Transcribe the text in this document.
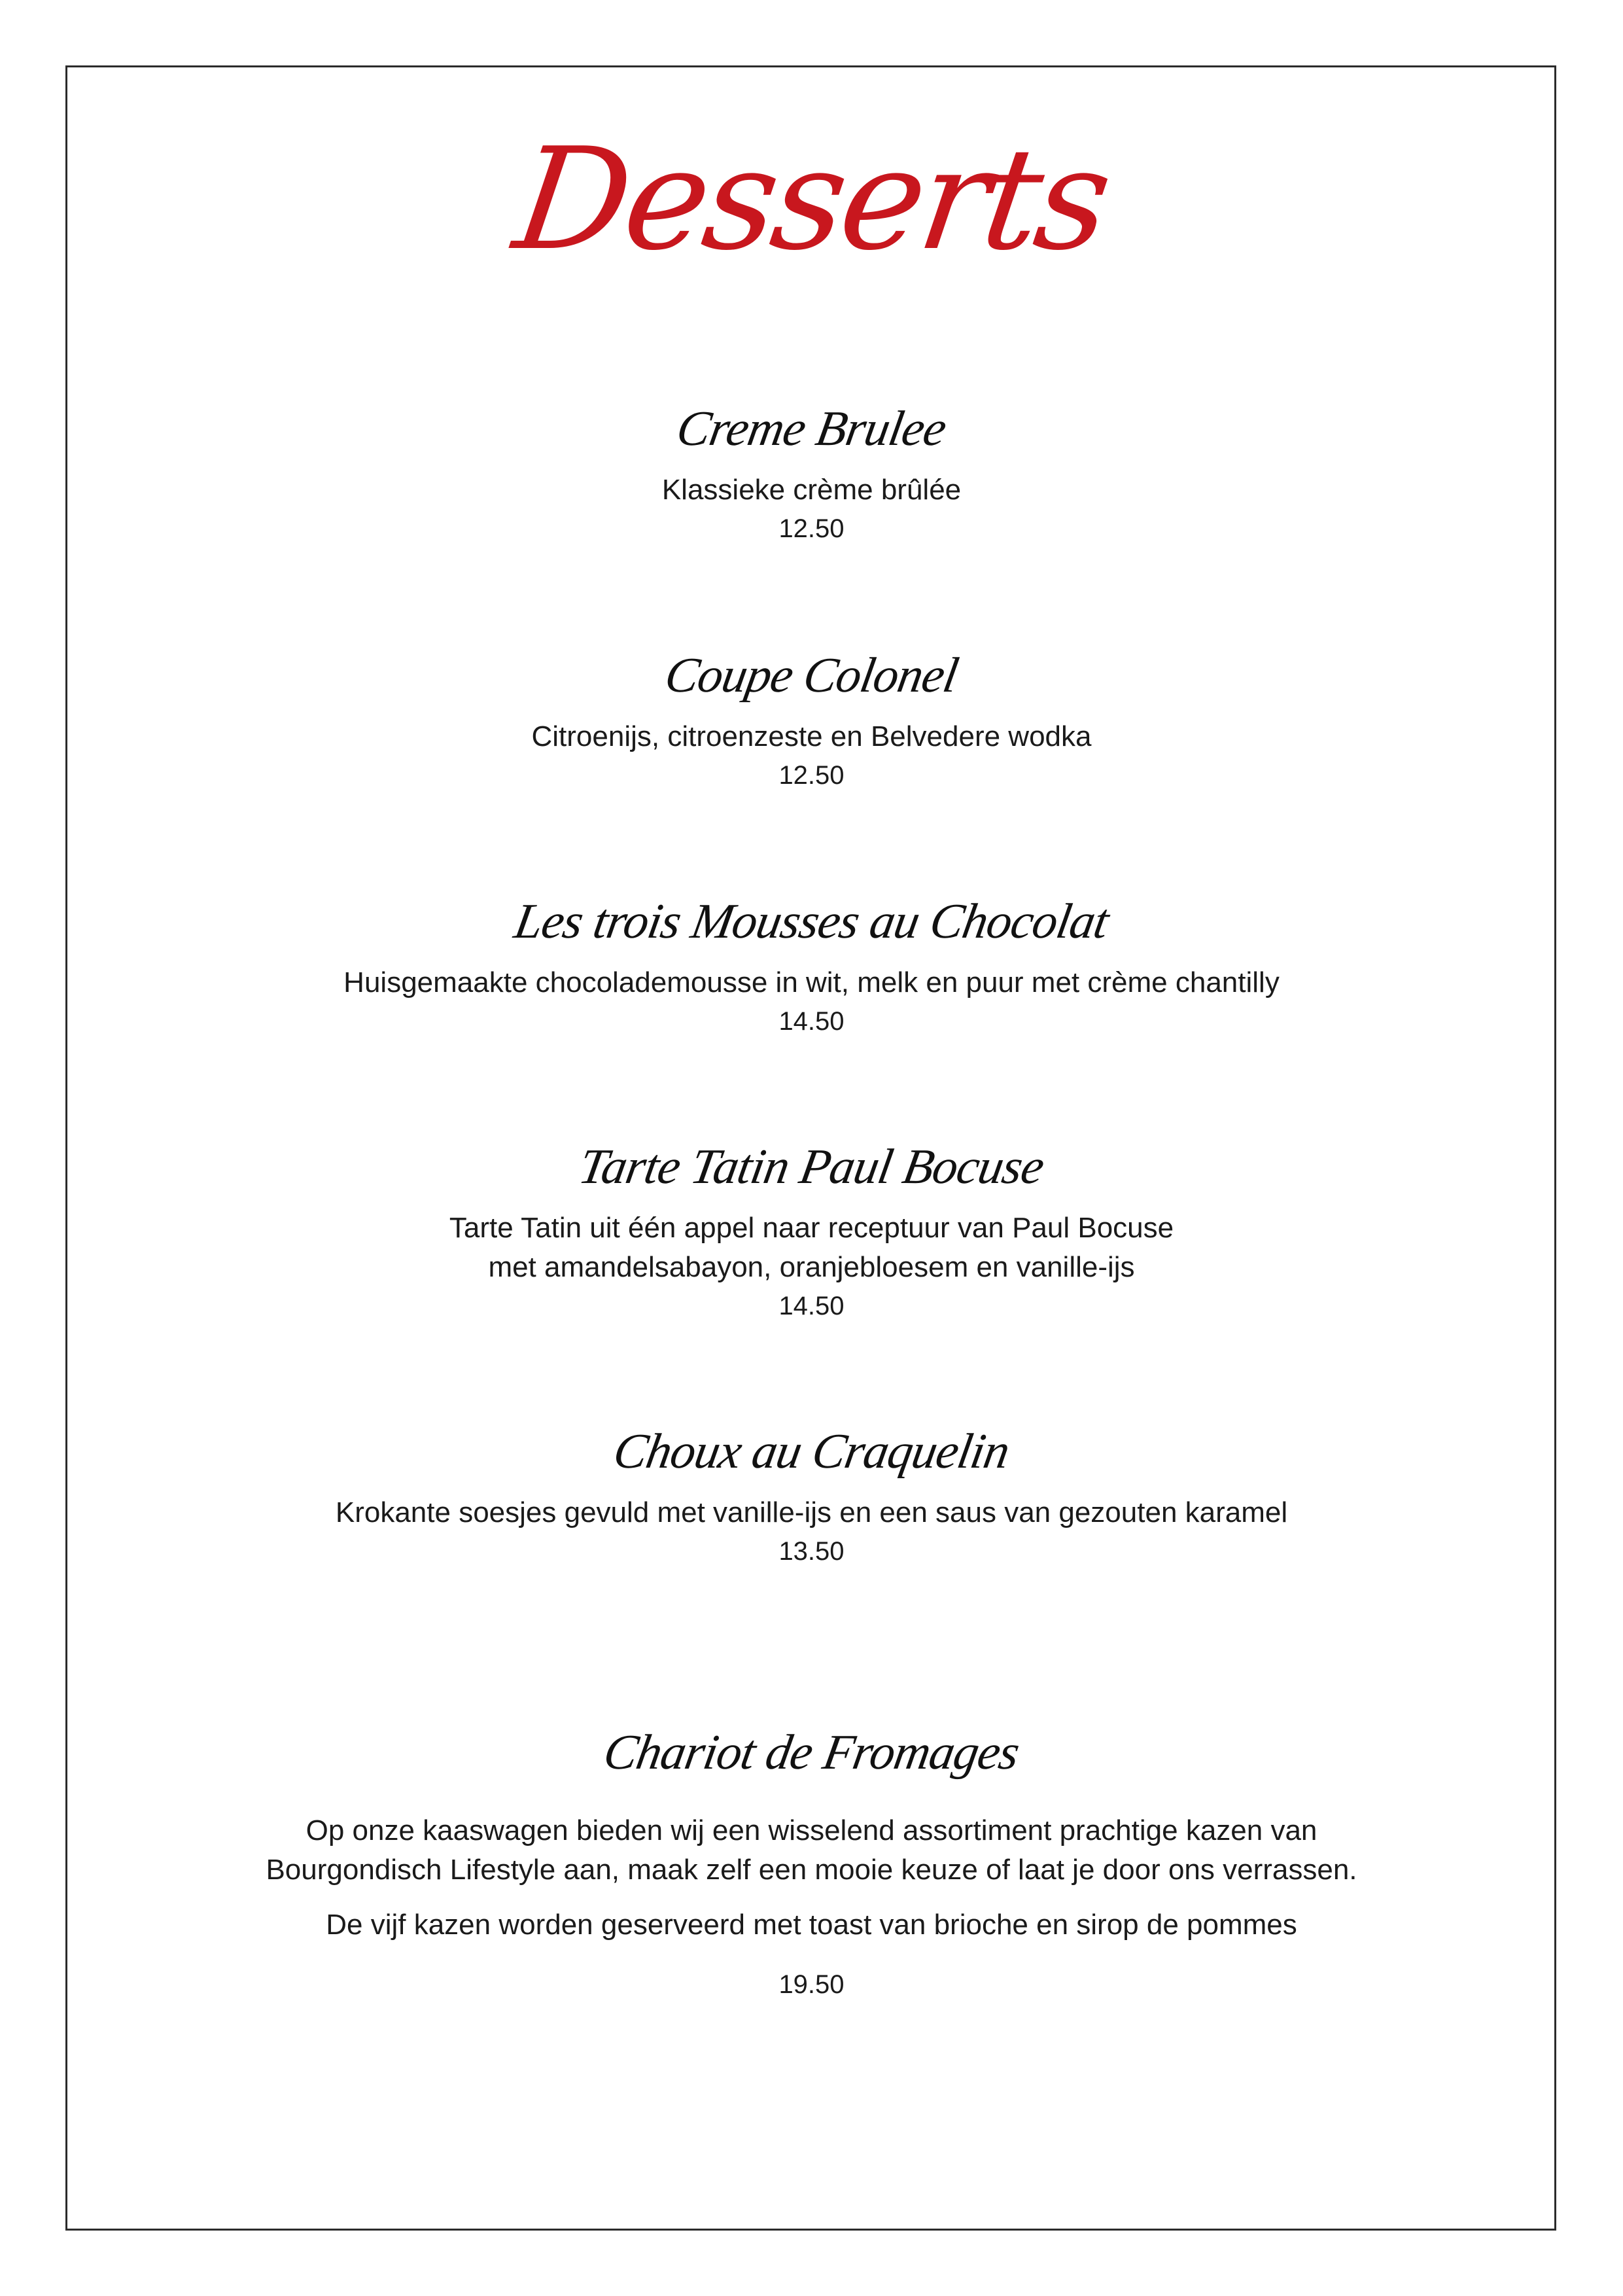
Desserts
Creme Brulee
Klassieke crème brûlée
12.50
Coupe Colonel
Citroenijs, citroenzeste en Belvedere wodka
12.50
Les trois Mousses au Chocolat
Huisgemaakte chocolademousse in wit, melk en puur met crème chantilly
14.50
Tarte Tatin Paul Bocuse
Tarte Tatin uit één appel naar receptuur van Paul Bocuse
met amandelsabayon, oranjebloesem en vanille-ijs
14.50
Choux au Craquelin
Krokante soesjes gevuld met vanille-ijs en een saus van gezouten karamel
13.50
Chariot de Fromages
Op onze kaaswagen bieden wij een wisselend assortiment prachtige kazen van
Bourgondisch Lifestyle aan, maak zelf een mooie keuze of laat je door ons verrassen.
De vijf kazen worden geserveerd met toast van brioche en sirop de pommes
19.50
